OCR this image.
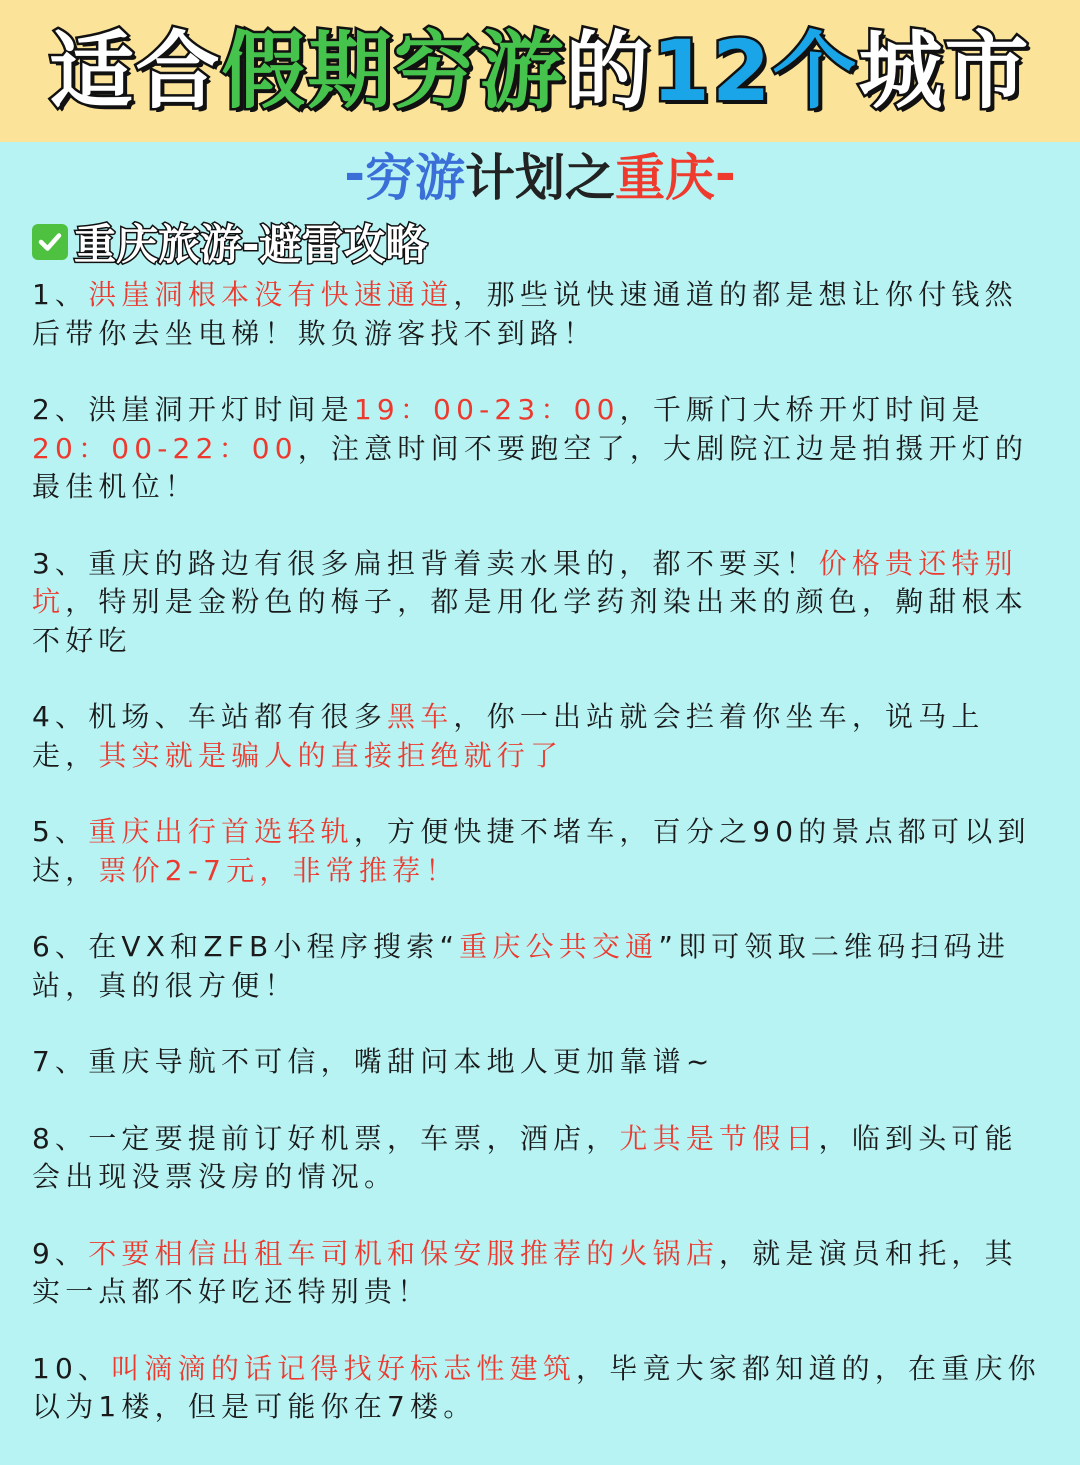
适合假期穷游的12个城市
- 穷游 计划之 重庆 -
重庆旅游-避雷攻略
1、洪崖洞根本没有快速通道，那些说快速通道的都是想让你付钱然后带你去坐电梯！欺负游客找不到路！
2、洪崖洞开灯时间是19：00-23：00，千厮门大桥开灯时间是20：00-22：00，注意时间不要跑空了，大剧院江边是拍摄开灯的最佳机位！
3、重庆的路边有很多扁担背着卖水果的，都不要买！价格贵还特别坑，特别是金粉色的梅子，都是用化学药剂染出来的颜色，齁甜根本不好吃
4、机场、车站都有很多黑车，你一出站就会拦着你坐车，说马上走，其实就是骗人的直接拒绝就行了
5、重庆出行首选轻轨，方便快捷不堵车，百分之90的景点都可以到达，票价2-7元，非常推荐！
6、在VX和ZFB小程序搜索“重庆公共交通”即可领取二维码扫码进站，真的很方便！
7、重庆导航不可信，嘴甜问本地人更加靠谱~
8、一定要提前订好机票，车票，酒店，尤其是节假日，临到头可能会出现没票没房的情况。
9、不要相信出租车司机和保安服推荐的火锅店，就是演员和托，其实一点都不好吃还特别贵！
10、叫滴滴的话记得找好标志性建筑，毕竟大家都知道的，在重庆你以为1楼，但是可能你在7楼。
